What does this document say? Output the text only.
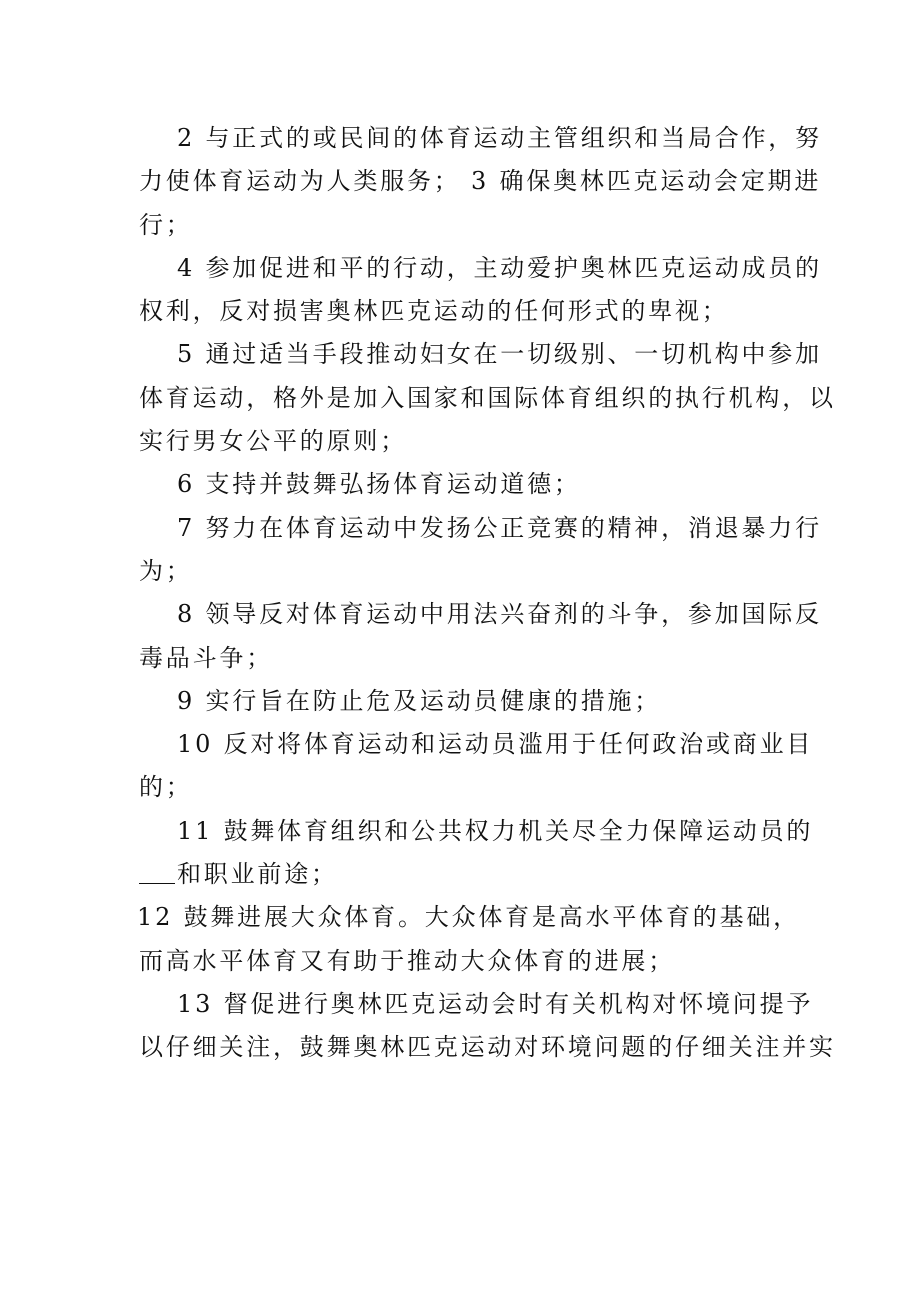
2 与正式的或民间的体育运动主管组织和当局合作，努
力使体育运动为人类服务； 3 确保奥林匹克运动会定期进
行；

4 参加促进和平的行动，主动爱护奥林匹克运动成员的
权利，反对损害奥林匹克运动的任何形式的卑视；

5 通过适当手段推动妇女在一切级别、一切机构中参加
体育运动，格外是加入国家和国际体育组织的执行机构，以
实行男女公平的原则；

6 支持并鼓舞弘扬体育运动道德；

7 努力在体育运动中发扬公正竞赛的精神，消退暴力行
为；

8 领导反对体育运动中用法兴奋剂的斗争，参加国际反
毒品斗争；

9 实行旨在防止危及运动员健康的措施；

10 反对将体育运动和运动员滥用于任何政治或商业目
的；

11 鼓舞体育组织和公共权力机关尽全力保障运动员的
和职业前途；

12 鼓舞进展大众体育。大众体育是高水平体育的基础，
而高水平体育又有助于推动大众体育的进展；

13 督促进行奥林匹克运动会时有关机构对怀境问提予
以仔细关注，鼓舞奥林匹克运动对环境问题的仔细关注并实
